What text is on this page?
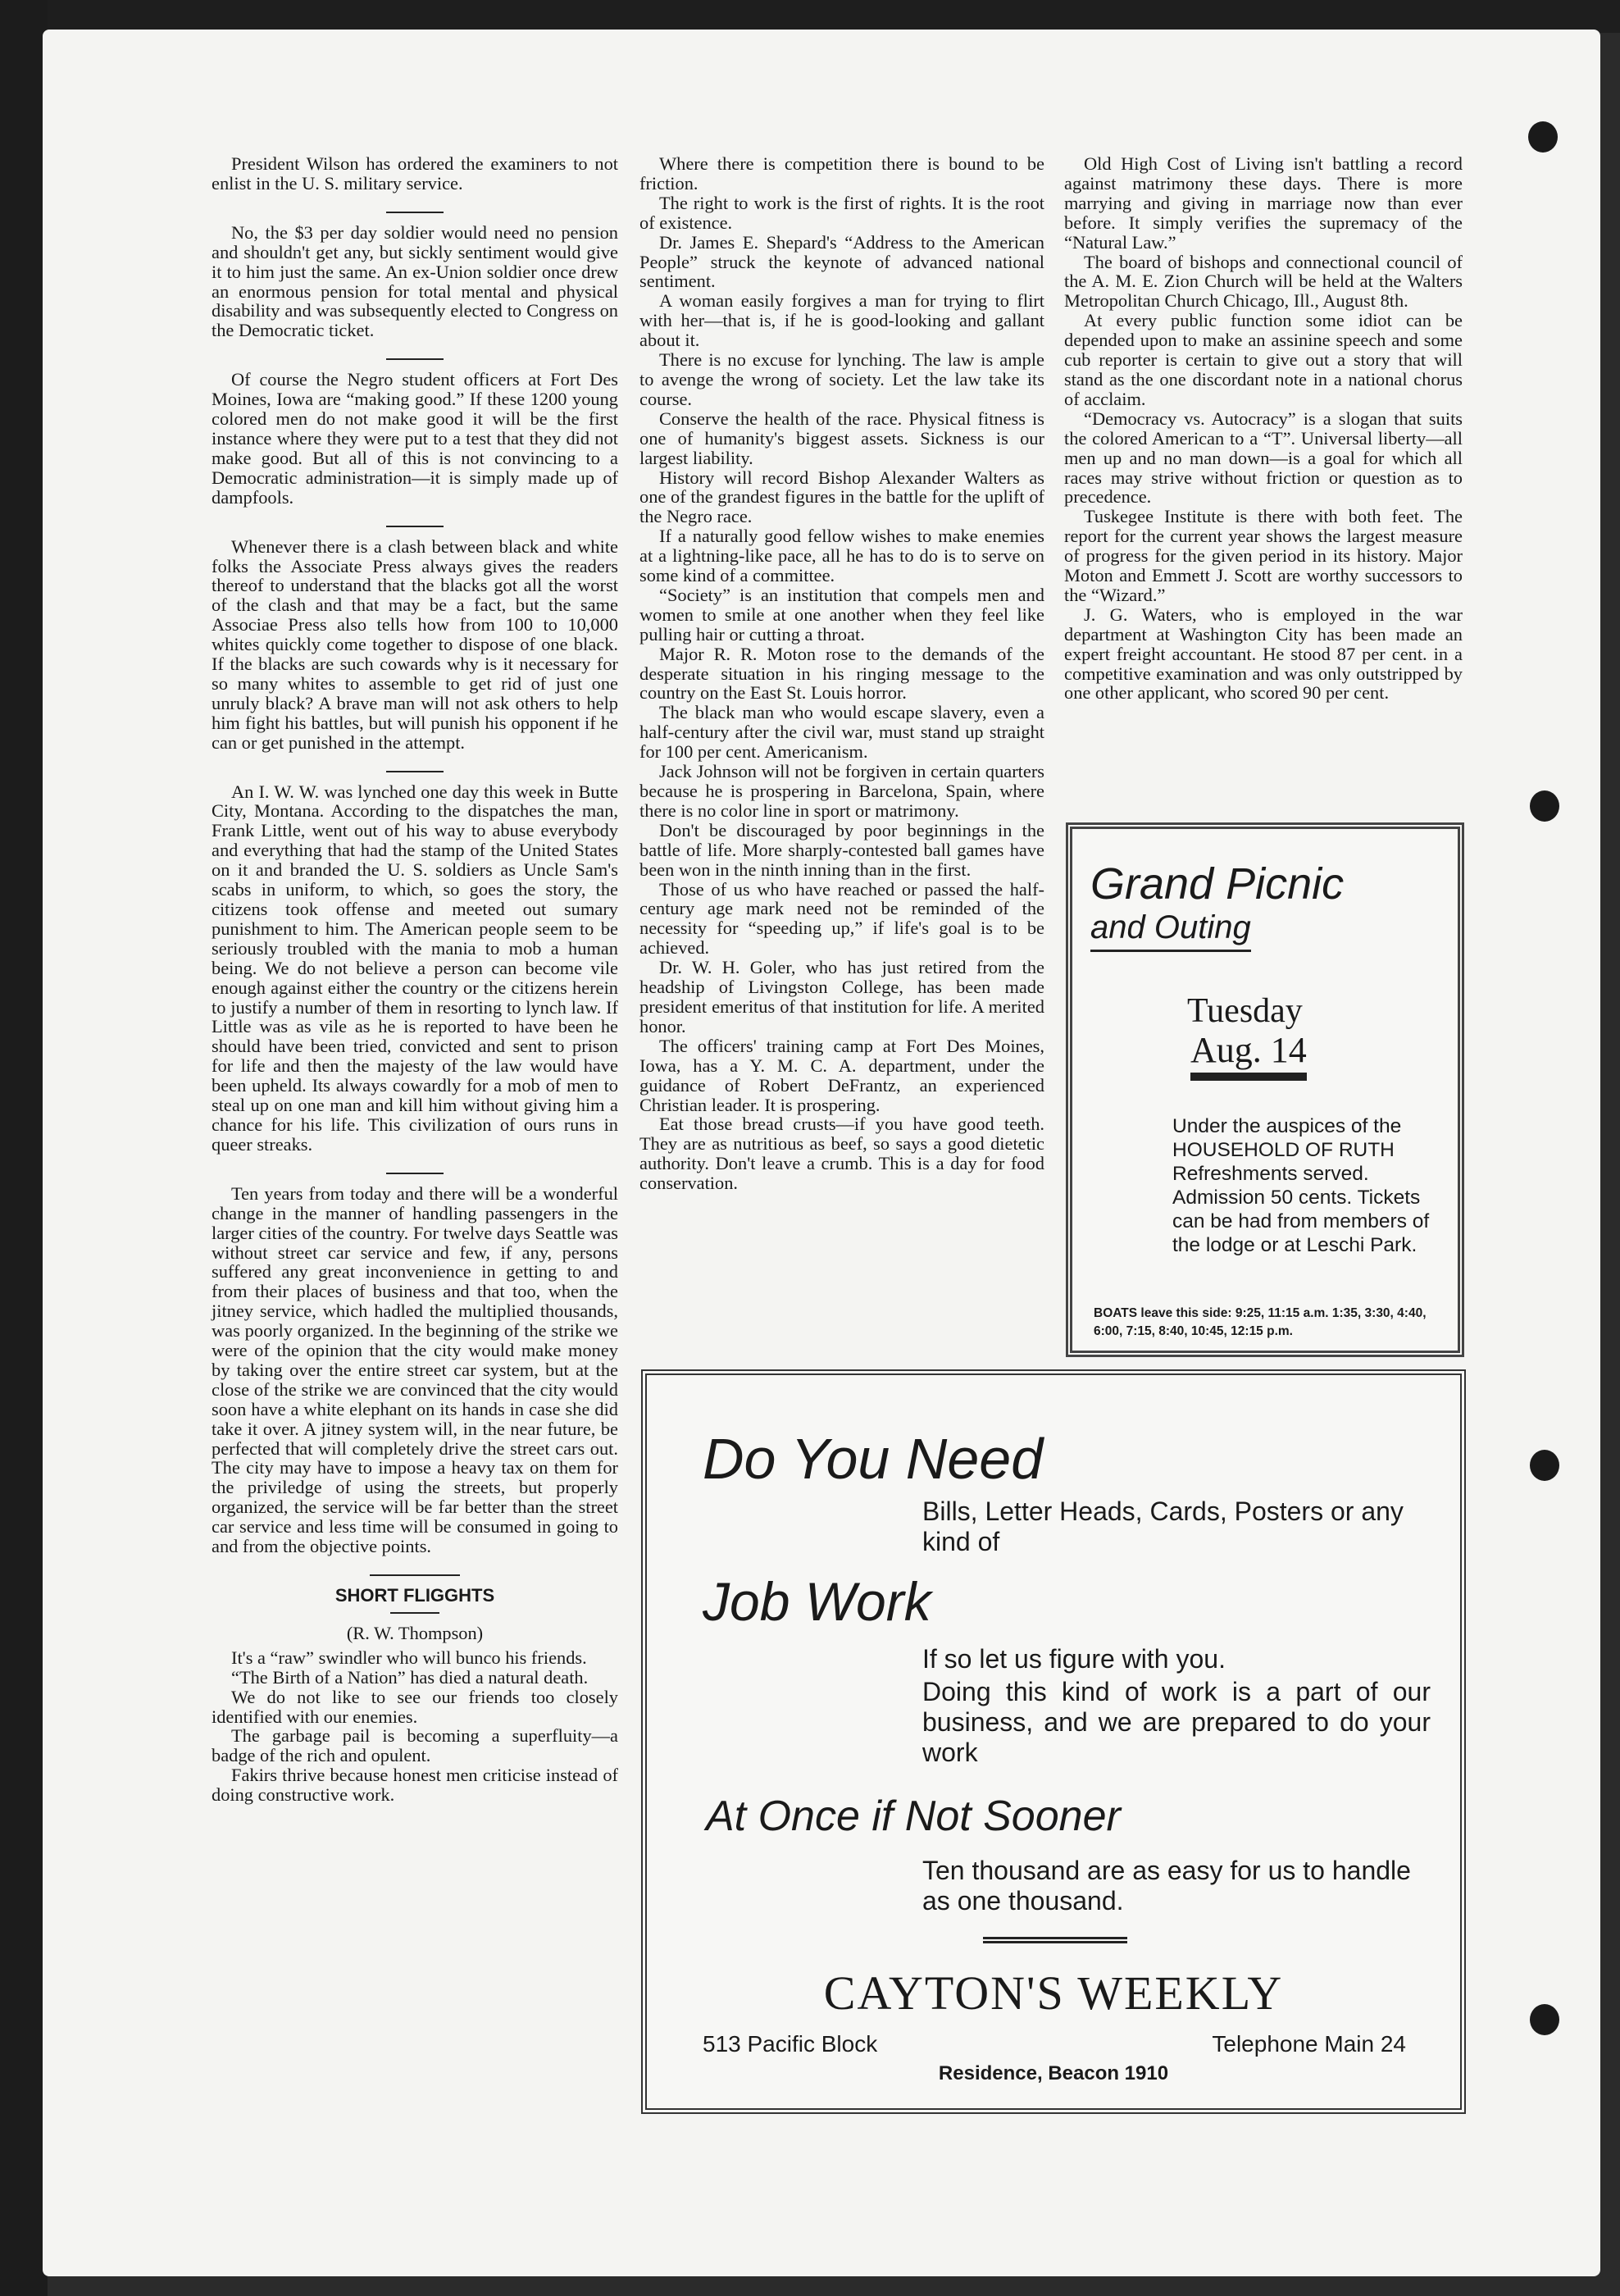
President Wilson has ordered the examiners to not enlist in the U. S. military service.

No, the $3 per day soldier would need no pension and shouldn't get any, but sickly sentiment would give it to him just the same. An ex-Union soldier once drew an enormous pension for total mental and physical disability and was subsequently elected to Congress on the Democratic ticket.

Of course the Negro student officers at Fort Des Moines, Iowa are “making good.” If these 1200 young colored men do not make good it will be the first instance where they were put to a test that they did not make good. But all of this is not convincing to a Democratic administration—it is simply made up of dampfools.

Whenever there is a clash between black and white folks the Associate Press always gives the readers thereof to understand that the blacks got all the worst of the clash and that may be a fact, but the same Associae Press also tells how from 100 to 10,000 whites quickly come together to dispose of one black. If the blacks are such cowards why is it necessary for so many whites to assemble to get rid of just one unruly black? A brave man will not ask others to help him fight his battles, but will punish his opponent if he can or get punished in the attempt.

An I. W. W. was lynched one day this week in Butte City, Montana. According to the dispatches the man, Frank Little, went out of his way to abuse everybody and everything that had the stamp of the United States on it and branded the U. S. soldiers as Uncle Sam's scabs in uniform, to which, so goes the story, the citizens took offense and meeted out sumary punishment to him. The American people seem to be seriously troubled with the mania to mob a human being. We do not believe a person can become vile enough against either the country or the citizens herein to justify a number of them in resorting to lynch law. If Little was as vile as he is reported to have been he should have been tried, convicted and sent to prison for life and then the majesty of the law would have been upheld. Its always cowardly for a mob of men to steal up on one man and kill him without giving him a chance for his life. This civilization of ours runs in queer streaks.

Ten years from today and there will be a wonderful change in the manner of handling passengers in the larger cities of the country. For twelve days Seattle was without street car service and few, if any, persons suffered any great inconvenience in getting to and from their places of business and that too, when the jitney service, which hadled the multiplied thousands, was poorly organized. In the beginning of the strike we were of the opinion that the city would make money by taking over the entire street car system, but at the close of the strike we are convinced that the city would soon have a white elephant on its hands in case she did take it over. A jitney system will, in the near future, be perfected that will completely drive the street cars out. The city may have to impose a heavy tax on them for the priviledge of using the streets, but properly organized, the service will be far better than the street car service and less time will be consumed in going to and from the objective points.

SHORT FLIGGHTS
(R. W. Thompson)

It's a “raw” swindler who will bunco his friends.

“The Birth of a Nation” has died a natural death.

We do not like to see our friends too closely identified with our enemies.

The garbage pail is becoming a superfluity—a badge of the rich and opulent.

Fakirs thrive because honest men criticise instead of doing constructive work.

Where there is competition there is bound to be friction.

The right to work is the first of rights. It is the root of existence.

Dr. James E. Shepard's “Address to the American People” struck the keynote of advanced national sentiment.

A woman easily forgives a man for trying to flirt with her—that is, if he is good-looking and gallant about it.

There is no excuse for lynching. The law is ample to avenge the wrong of society. Let the law take its course.

Conserve the health of the race. Physical fitness is one of humanity's biggest assets. Sickness is our largest liability.

History will record Bishop Alexander Walters as one of the grandest figures in the battle for the uplift of the Negro race.

If a naturally good fellow wishes to make enemies at a lightning-like pace, all he has to do is to serve on some kind of a committee.

“Society” is an institution that compels men and women to smile at one another when they feel like pulling hair or cutting a throat.

Major R. R. Moton rose to the demands of the desperate situation in his ringing message to the country on the East St. Louis horror.

The black man who would escape slavery, even a half-century after the civil war, must stand up straight for 100 per cent. Americanism.

Jack Johnson will not be forgiven in certain quarters because he is prospering in Barcelona, Spain, where there is no color line in sport or matrimony.

Don't be discouraged by poor beginnings in the battle of life. More sharply-contested ball games have been won in the ninth inning than in the first.

Those of us who have reached or passed the half-century age mark need not be reminded of the necessity for “speeding up,” if life's goal is to be achieved.

Dr. W. H. Goler, who has just retired from the headship of Livingston College, has been made president emeritus of that institution for life. A merited honor.

The officers' training camp at Fort Des Moines, Iowa, has a Y. M. C. A. department, under the guidance of Robert DeFrantz, an experienced Christian leader. It is prospering.

Eat those bread crusts—if you have good teeth. They are as nutritious as beef, so says a good dietetic authority. Don't leave a crumb. This is a day for food conservation.

Old High Cost of Living isn't battling a record against matrimony these days. There is more marrying and giving in marriage now than ever before. It simply verifies the supremacy of the “Natural Law.”

The board of bishops and connectional council of the A. M. E. Zion Church will be held at the Walters Metropolitan Church Chicago, Ill., August 8th.

At every public function some idiot can be depended upon to make an assinine speech and some cub reporter is certain to give out a story that will stand as the one discordant note in a national chorus of acclaim.

“Democracy vs. Autocracy” is a slogan that suits the colored American to a “T”. Universal liberty—all men up and no man down—is a goal for which all races may strive without friction or question as to precedence.

Tuskegee Institute is there with both feet. The report for the current year shows the largest measure of progress for the given period in its history. Major Moton and Emmett J. Scott are worthy successors to the “Wizard.”

J. G. Waters, who is employed in the war department at Washington City has been made an expert freight accountant. He stood 87 per cent. in a competitive examination and was only outstripped by one other applicant, who scored 90 per cent.

Grand Picnic
and Outing
Tuesday
Aug. 14
Under the auspices of the HOUSEHOLD OF RUTH Refreshments served. Admission 50 cents. Tickets can be had from members of the lodge or at Leschi Park.
BOATS leave this side: 9:25, 11:15 a.m. 1:35, 3:30, 4:40, 6:00, 7:15, 8:40, 10:45, 12:15 p.m.
Do You Need
Bills, Letter Heads, Cards, Posters or any kind of
Job Work
If so let us figure with you.
Doing this kind of work is a part of our business, and we are prepared to do your work
At Once if Not Sooner
Ten thousand are as easy for us to handle as one thousand.
CAYTON'S WEEKLY
513 Pacific Block	Telephone Main 24
Residence, Beacon 1910
